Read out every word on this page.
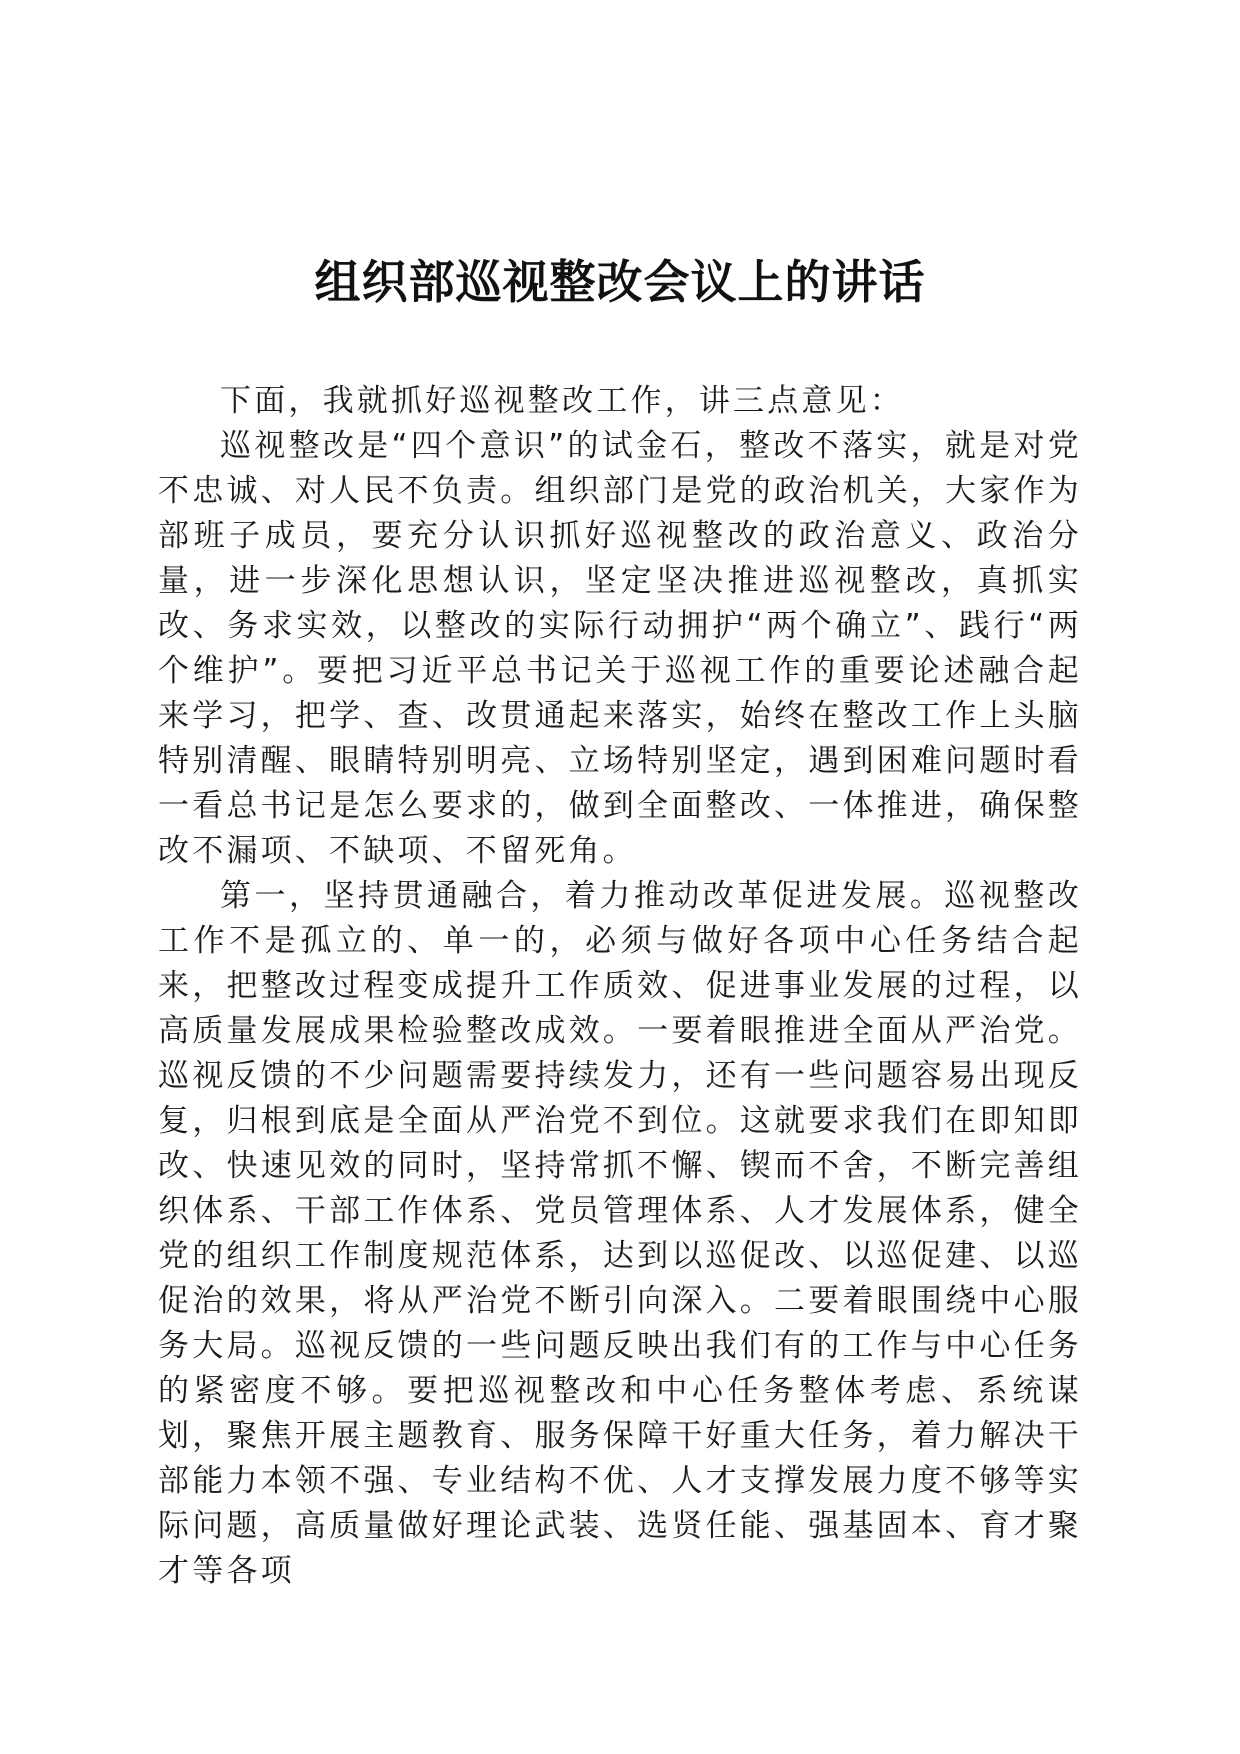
组织部巡视整改会议上的讲话

下面，我就抓好巡视整改工作，讲三点意见：

巡视整改是“四个意识”的试金石，整改不落实，就是对党不忠诚、对人民不负责。组织部门是党的政治机关，大家作为部班子成员，要充分认识抓好巡视整改的政治意义、政治分量，进一步深化思想认识，坚定坚决推进巡视整改，真抓实改、务求实效，以整改的实际行动拥护“两个确立”、践行“两个维护”。要把习近平总书记关于巡视工作的重要论述融合起来学习，把学、查、改贯通起来落实，始终在整改工作上头脑特别清醒、眼睛特别明亮、立场特别坚定，遇到困难问题时看一看总书记是怎么要求的，做到全面整改、一体推进，确保整改不漏项、不缺项、不留死角。

第一，坚持贯通融合，着力推动改革促进发展。巡视整改工作不是孤立的、单一的，必须与做好各项中心任务结合起来，把整改过程变成提升工作质效、促进事业发展的过程，以高质量发展成果检验整改成效。一要着眼推进全面从严治党。巡视反馈的不少问题需要持续发力，还有一些问题容易出现反复，归根到底是全面从严治党不到位。这就要求我们在即知即改、快速见效的同时，坚持常抓不懈、锲而不舍，不断完善组织体系、干部工作体系、党员管理体系、人才发展体系，健全党的组织工作制度规范体系，达到以巡促改、以巡促建、以巡促治的效果，将从严治党不断引向深入。二要着眼围绕中心服务大局。巡视反馈的一些问题反映出我们有的工作与中心任务的紧密度不够。要把巡视整改和中心任务整体考虑、系统谋划，聚焦开展主题教育、服务保障干好重大任务，着力解决干部能力本领不强、专业结构不优、人才支撑发展力度不够等实际问题，高质量做好理论武装、选贤任能、强基固本、育才聚才等各项
